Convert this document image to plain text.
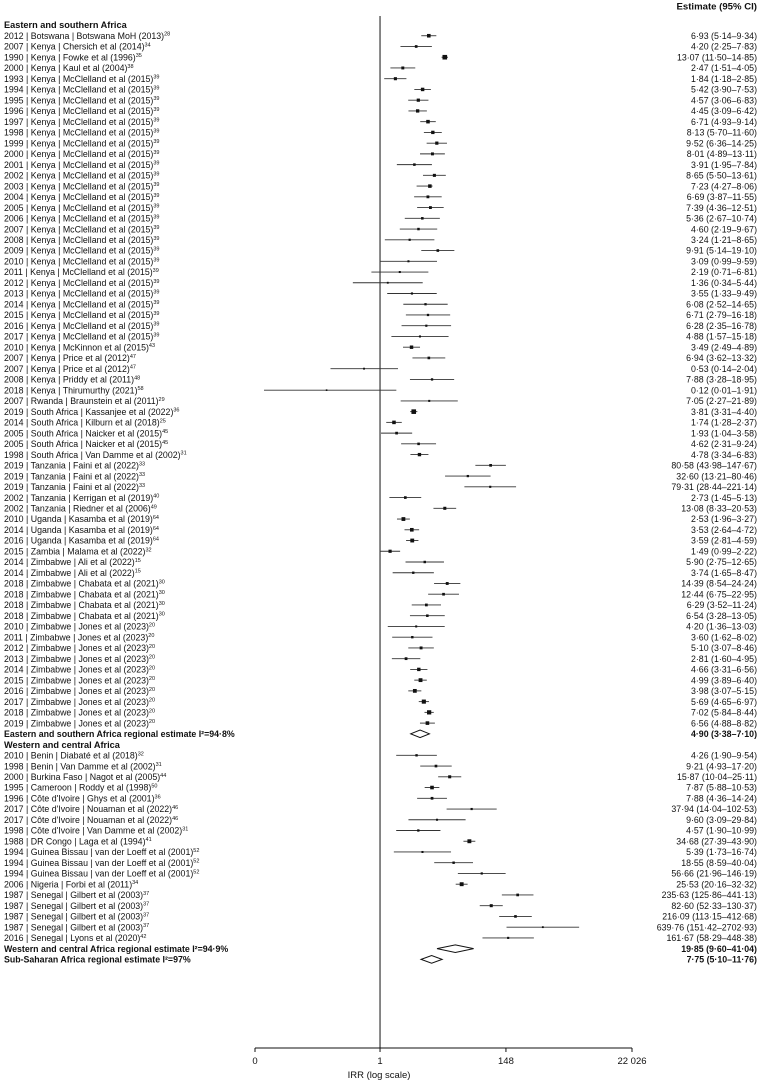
Estimate (95% CI)
0	1	148	22 026
IRR (log scale)
Eastern and southern Africa
2012 | Botswana | Botswana MoH $(2013)^{28}$	6·93 (5·14–9·34)
2007 | Kenya | Chersich et al $(2014)^{34}$	4·20 (2·25–7·83)
1990 | Kenya | Fowke et al $(1996)^{35}$	13·07 (11·50–14·85)
2000 | Kenya | Kaul et al $(2004)^{38}$	2·47 (1·51–4·05)
1993 | Kenya | McClelland et al $(2015)^{39}$	1·84 (1·18–2·85)
1994 | Kenya | McClelland et al $(2015)^{39}$	5·42 (3·90–7·53)
1995 | Kenya | McClelland et al $(2015)^{39}$	4·57 (3·06–6·83)
1996 | Kenya | McClelland et al $(2015)^{39}$	4·45 (3·09–6·42)
1997 | Kenya | McClelland et al $(2015)^{39}$	6·71 (4·93–9·14)
1998 | Kenya | McClelland et al $(2015)^{39}$	8·13 (5·70–11·60)
1999 | Kenya | McClelland et al $(2015)^{39}$	9·52 (6·36–14·25)
2000 | Kenya | McClelland et al $(2015)^{39}$	8·01 (4·89–13·11)
2001 | Kenya | McClelland et al $(2015)^{39}$	3·91 (1·95–7·84)
2002 | Kenya | McClelland et al $(2015)^{39}$	8·65 (5·50–13·61)
2003 | Kenya | McClelland et al $(2015)^{39}$	7·23 (4·27–8·06)
2004 | Kenya | McClelland et al $(2015)^{39}$	6·69 (3·87–11·55)
2005 | Kenya | McClelland et al $(2015)^{39}$	7·39 (4·36–12·51)
2006 | Kenya | McClelland et al $(2015)^{39}$	5·36 (2·67–10·74)
2007 | Kenya | McClelland et al $(2015)^{39}$	4·60 (2·19–9·67)
2008 | Kenya | McClelland et al $(2015)^{39}$	3·24 (1·21–8·65)
2009 | Kenya | McClelland et al $(2015)^{39}$	9·91 (5·14–19·10)
2010 | Kenya | McClelland et al $(2015)^{39}$	3·09 (0·99–9·59)
2011 | Kenya | McClelland et al $(2015)^{39}$	2·19 (0·71–6·81)
2012 | Kenya | McClelland et al $(2015)^{39}$	1·36 (0·34–5·44)
2013 | Kenya | McClelland et al $(2015)^{39}$	3·55 (1·33–9·49)
2014 | Kenya | McClelland et al $(2015)^{39}$	6·08 (2·52–14·65)
2015 | Kenya | McClelland et al $(2015)^{39}$	6·71 (2·79–16·18)
2016 | Kenya | McClelland et al $(2015)^{39}$	6·28 (2·35–16·78)
2017 | Kenya | McClelland et al $(2015)^{39}$	4·88 (1·57–15·18)
2010 | Kenya | McKinnon et al $(2015)^{43}$	3·49 (2·49–4·89)
2007 | Kenya | Price et al $(2012)^{47}$	6·94 (3·62–13·32)
2007 | Kenya | Price et al $(2012)^{47}$	0·53 (0·14–2·04)
2008 | Kenya | Priddy et al $(2011)^{48}$	7·88 (3·28–18·95)
2018 | Kenya | Thirumurthy $(2021)^{58}$	0·12 (0·01–1·91)
2007 | Rwanda | Braunstein et al $(2011)^{29}$	7·05 (2·27–21·89)
2019 | South Africa | Kassanjee et al $(2022)^{36}$	3·81 (3·31–4·40)
2014 | South Africa | Kilburn et al $(2018)^{25}$	1·74 (1·28–2·37)
2005 | South Africa | Naicker et al $(2015)^{45}$	1·93 (1·04–3·58)
2005 | South Africa | Naicker et al $(2015)^{45}$	4·62 (2·31–9·24)
1998 | South Africa | Van Damme et al $(2002)^{31}$	4·78 (3·34–6·83)
2019 | Tanzania | Faini et al $(2022)^{33}$	80·58 (43·98–147·67)
2019 | Tanzania | Faini et al $(2022)^{33}$	32·60 (13·21–80·46)
2019 | Tanzania | Faini et al $(2022)^{33}$	79·31 (28·44–221·14)
2002 | Tanzania | Kerrigan et al $(2019)^{40}$	2·73 (1·45–5·13)
2002 | Tanzania | Riedner et al $(2006)^{49}$	13·08 (8·33–20·53)
2010 | Uganda | Kasamba et al $(2019)^{64}$	2·53 (1·96–3·27)
2014 | Uganda | Kasamba et al $(2019)^{64}$	3·53 (2·64–4·72)
2016 | Uganda | Kasamba et al $(2019)^{64}$	3·59 (2·81–4·59)
2015 | Zambia | Malama et al $(2022)^{32}$	1·49 (0·99–2·22)
2014 | Zimbabwe | Ali et al $(2022)^{15}$	5·90 (2·75–12·65)
2014 | Zimbabwe | Ali et al $(2022)^{15}$	3·74 (1·65–8·47)
2018 | Zimbabwe | Chabata et al $(2021)^{30}$	14·39 (8·54–24·24)
2018 | Zimbabwe | Chabata et al $(2021)^{30}$	12·44 (6·75–22·95)
2018 | Zimbabwe | Chabata et al $(2021)^{30}$	6·29 (3·52–11·24)
2018 | Zimbabwe | Chabata et al $(2021)^{30}$	6·54 (3·28–13·05)
2010 | Zimbabwe | Jones et al $(2023)^{20}$	4·20 (1·36–13·03)
2011 | Zimbabwe | Jones et al $(2023)^{20}$	3·60 (1·62–8·02)
2012 | Zimbabwe | Jones et al $(2023)^{20}$	5·10 (3·07–8·46)
2013 | Zimbabwe | Jones et al $(2023)^{20}$	2·81 (1·60–4·95)
2014 | Zimbabwe | Jones et al $(2023)^{20}$	4·66 (3·31–6·56)
2015 | Zimbabwe | Jones et al $(2023)^{20}$	4·99 (3·89–6·40)
2016 | Zimbabwe | Jones et al $(2023)^{20}$	3·98 (3·07–5·15)
2017 | Zimbabwe | Jones et al $(2023)^{20}$	5·69 (4·65–6·97)
2018 | Zimbabwe | Jones et al $(2023)^{20}$	7·02 (5·84–8·44)
2019 | Zimbabwe | Jones et al $(2023)^{20}$	6·56 (4·88–8·82)
Eastern and southern Africa regional estimate I²=94·8%	4·90 (3·38–7·10)
Western and central Africa
2010 | Benin | Diabaté et al $(2018)^{32}$	4·26 (1·90–9·54)
1998 | Benin | Van Damme et al $(2002)^{31}$	9·21 (4·93–17·20)
2000 | Burkina Faso | Nagot et al $(2005)^{44}$	15·87 (10·04–25·11)
1995 | Cameroon | Roddy et al $(1998)^{50}$	7·87 (5·88–10·53)
1996 | Côte d'Ivoire | Ghys et al $(2001)^{36}$	7·88 (4·36–14·24)
2017 | Côte d'Ivoire | Nouaman et al $(2022)^{46}$	37·94 (14·04–102·53)
2017 | Côte d'Ivoire | Nouaman et al $(2022)^{46}$	9·60 (3·09–29·84)
1998 | Côte d'Ivoire | Van Damme et al $(2002)^{31}$	4·57 (1·90–10·99)
1988 | DR Congo | Laga et al $(1994)^{41}$	34·68 (27·39–43·90)
1994 | Guinea Bissau | van der Loeff et al $(2001)^{52}$	5·39 (1·73–16·74)
1994 | Guinea Bissau | van der Loeff et al $(2001)^{52}$	18·55 (8·59–40·04)
1994 | Guinea Bissau | van der Loeff et al $(2001)^{52}$	56·66 (21·96–146·19)
2006 | Nigeria | Forbi et al $(2011)^{34}$	25·53 (20·16–32·32)
1987 | Senegal | Gilbert et al $(2003)^{37}$	235·63 (125·86–441·13)
1987 | Senegal | Gilbert et al $(2003)^{37}$	82·60 (52·33–130·37)
1987 | Senegal | Gilbert et al $(2003)^{37}$	216·09 (113·15–412·68)
1987 | Senegal | Gilbert et al $(2003)^{37}$	639·76 (151·42–2702·93)
2016 | Senegal | Lyons et al $(2020)^{42}$	161·67 (58·29–448·38)
Western and central Africa regional estimate I²=94·9%	19·85 (9·60–41·04)
Sub-Saharan Africa regional estimate I²=97%	7·75 (5·10–11·76)
